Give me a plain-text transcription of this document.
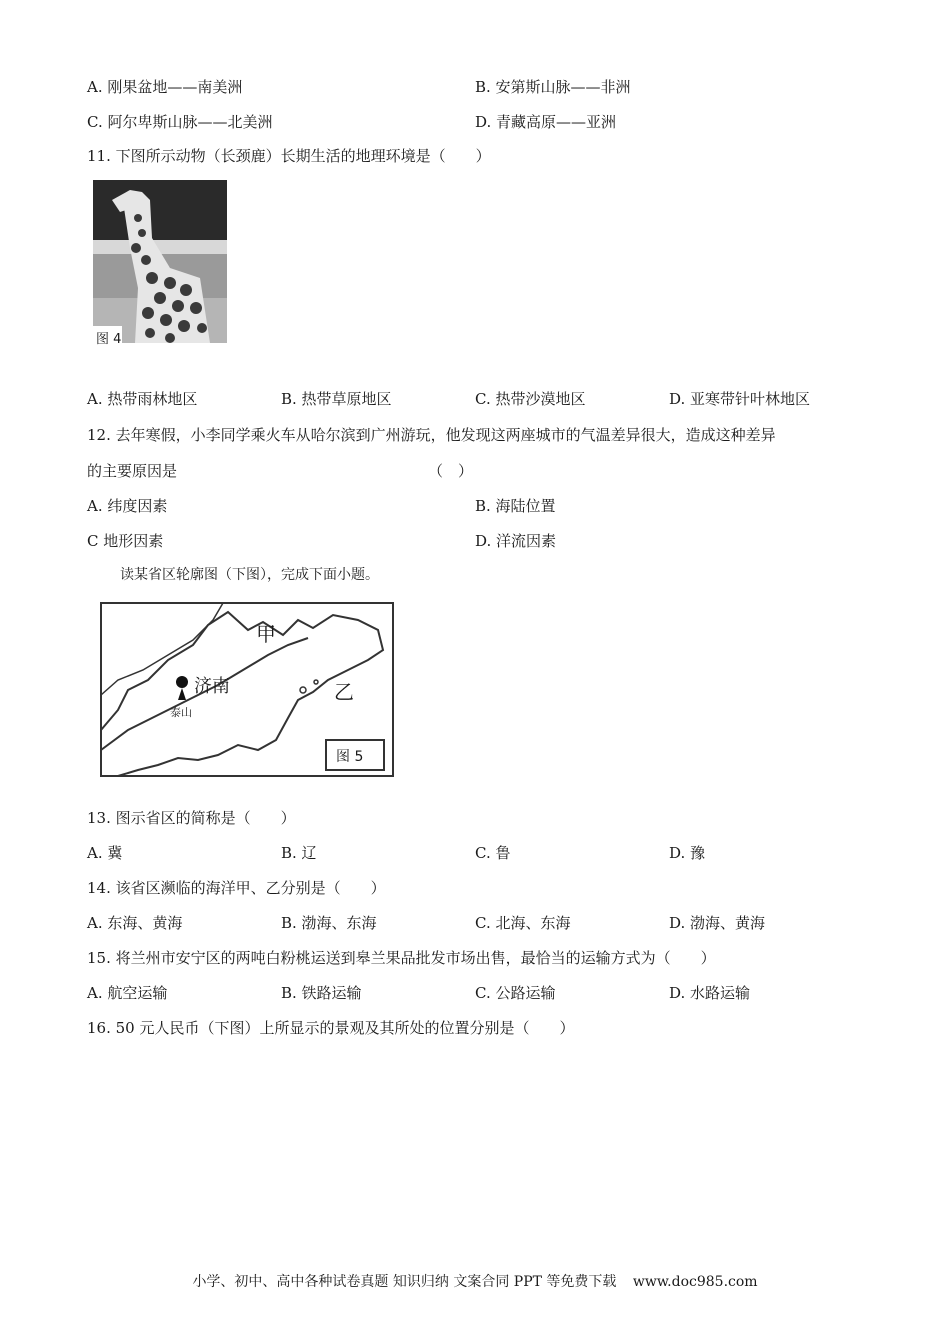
A. 刚果盆地——南美洲	B. 安第斯山脉——非洲
C. 阿尔卑斯山脉——北美洲	D. 青藏高原——亚洲
11. 下图所示动物（长颈鹿）长期生活的地理环境是（　　）
图 4
A. 热带雨林地区	B. 热带草原地区	C. 热带沙漠地区	D. 亚寒带针叶林地区
12. 去年寒假，小李同学乘火车从哈尔滨到广州游玩，他发现这两座城市的气温差异很大，造成这种差异
的主要原因是	（　）
A. 纬度因素	B. 海陆位置
C 地形因素	D. 洋流因素
读某省区轮廓图（下图），完成下面小题。
甲
乙
济南
泰山
图 5
13. 图示省区的简称是（　　）
A. 冀	B. 辽	C. 鲁	D. 豫
14. 该省区濒临的海洋甲、乙分别是（　　）
A. 东海、黄海	B. 渤海、东海	C. 北海、东海	D. 渤海、黄海
15. 将兰州市安宁区的两吨白粉桃运送到皋兰果品批发市场出售，最恰当的运输方式为（　　）
A. 航空运输	B. 铁路运输	C. 公路运输	D. 水路运输
16. 50 元人民币（下图）上所显示的景观及其所处的位置分别是（　　）
小学、初中、高中各种试卷真题 知识归纳 文案合同 PPT 等免费下载 www.doc985.com
